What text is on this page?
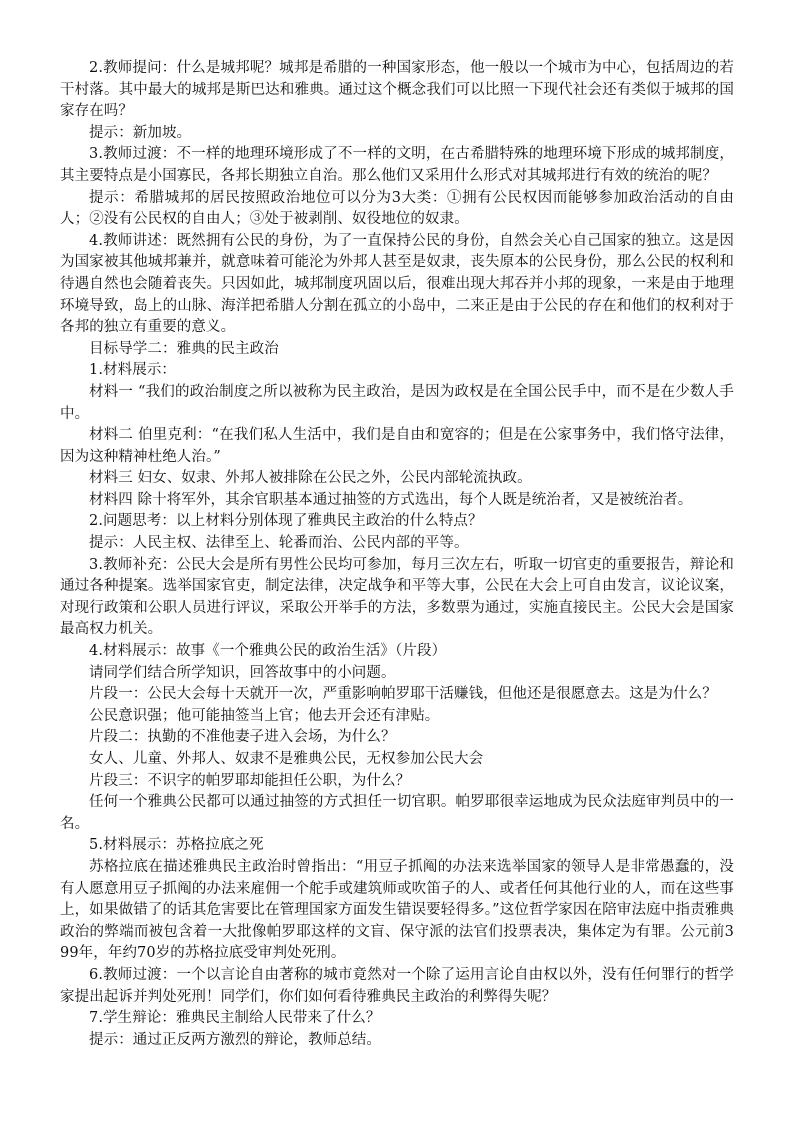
2.教师提问：什么是城邦呢？城邦是希腊的一种国家形态，他一般以一个城市为中心，包括周边的若干村落。其中最大的城邦是斯巴达和雅典。通过这个概念我们可以比照一下现代社会还有类似于城邦的国家存在吗？

提示：新加坡。

3.教师过渡：不一样的地理环境形成了不一样的文明，在古希腊特殊的地理环境下形成的城邦制度，其主要特点是小国寡民，各邦长期独立自治。那么他们又采用什么形式对其城邦进行有效的统治的呢？

提示：希腊城邦的居民按照政治地位可以分为3大类：①拥有公民权因而能够参加政治活动的自由人；②没有公民权的自由人；③处于被剥削、奴役地位的奴隶。

4.教师讲述：既然拥有公民的身份，为了一直保持公民的身份，自然会关心自己国家的独立。这是因为国家被其他城邦兼并，就意味着可能沦为外邦人甚至是奴隶，丧失原本的公民身份，那么公民的权利和待遇自然也会随着丧失。只因如此，城邦制度巩固以后，很难出现大邦吞并小邦的现象，一来是由于地理环境导致，岛上的山脉、海洋把希腊人分割在孤立的小岛中，二来正是由于公民的存在和他们的权利对于各邦的独立有重要的意义。

目标导学二：雅典的民主政治

1.材料展示：

材料一 “我们的政治制度之所以被称为民主政治，是因为政权是在全国公民手中，而不是在少数人手中。

材料二 伯里克利：“在我们私人生活中，我们是自由和宽容的；但是在公家事务中，我们恪守法律，因为这种精神杜绝人治。”

材料三 妇女、奴隶、外邦人被排除在公民之外，公民内部轮流执政。

材料四 除十将军外，其余官职基本通过抽签的方式选出，每个人既是统治者，又是被统治者。

2.问题思考：以上材料分别体现了雅典民主政治的什么特点？

提示：人民主权、法律至上、轮番而治、公民内部的平等。

3.教师补充：公民大会是所有男性公民均可参加，每月三次左右，听取一切官吏的重要报告，辩论和通过各种提案。选举国家官吏，制定法律，决定战争和平等大事，公民在大会上可自由发言，议论议案，对现行政策和公职人员进行评议，采取公开举手的方法，多数票为通过，实施直接民主。公民大会是国家最高权力机关。

4.材料展示：故事《一个雅典公民的政治生活》（片段）

请同学们结合所学知识，回答故事中的小问题。

片段一：公民大会每十天就开一次，严重影响帕罗耶干活赚钱，但他还是很愿意去。这是为什么？

公民意识强；他可能抽签当上官；他去开会还有津贴。

片段二：执勤的不准他妻子进入会场，为什么？

女人、儿童、外邦人、奴隶不是雅典公民，无权参加公民大会

片段三：不识字的帕罗耶却能担任公职，为什么？

任何一个雅典公民都可以通过抽签的方式担任一切官职。帕罗耶很幸运地成为民众法庭审判员中的一名。

5.材料展示：苏格拉底之死

苏格拉底在描述雅典民主政治时曾指出：“用豆子抓阄的办法来选举国家的领导人是非常愚蠢的，没有人愿意用豆子抓阄的办法来雇佣一个舵手或建筑师或吹笛子的人、或者任何其他行业的人，而在这些事上，如果做错了的话其危害要比在管理国家方面发生错误要轻得多。”这位哲学家因在陪审法庭中指责雅典政治的弊端而被包含着一大批像帕罗耶这样的文盲、保守派的法官们投票表决，集体定为有罪。公元前399年，年约70岁的苏格拉底受审判处死刑。

6.教师过渡：一个以言论自由著称的城市竟然对一个除了运用言论自由权以外，没有任何罪行的哲学家提出起诉并判处死刑！同学们，你们如何看待雅典民主政治的利弊得失呢？

7.学生辩论：雅典民主制给人民带来了什么？

提示：通过正反两方激烈的辩论，教师总结。
